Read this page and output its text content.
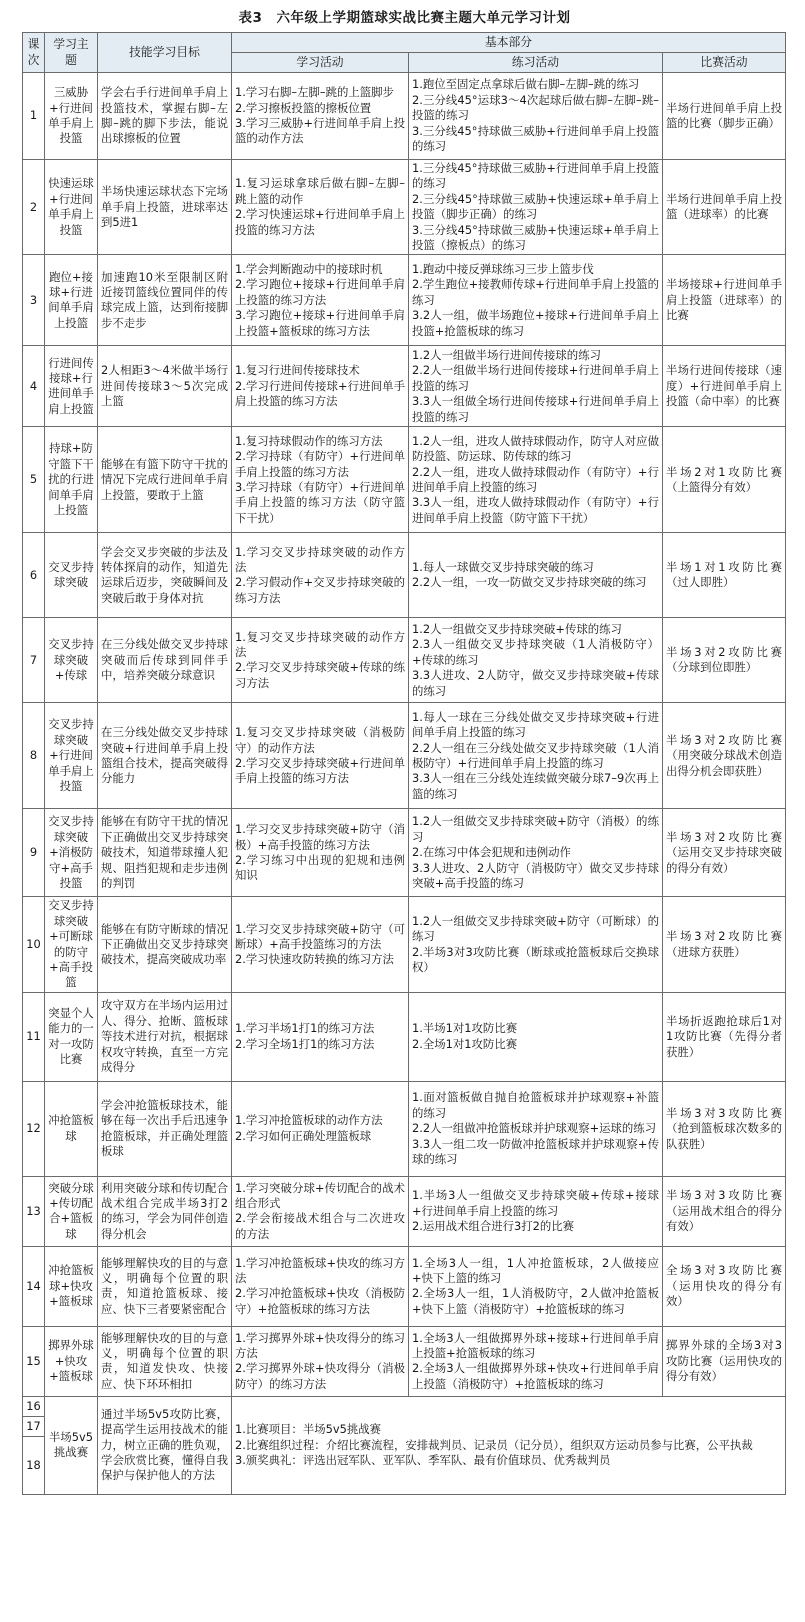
表3　六年级上学期篮球实战比赛主题大单元学习计划
课次	学习主题	技能学习目标	基本部分		
			学习活动	练习活动	比赛活动
1	三威胁+行进间单手肩上投篮	学会右手行进间单手肩上投篮技术，掌握右脚–左脚–跳的脚下步法，能说出球擦板的位置	1.学习右脚–左脚–跳的上篮脚步
2.学习擦板投篮的擦板位置
3.学习三威胁+行进间单手肩上投篮的动作方法	1.跑位至固定点拿球后做右脚–左脚–跳的练习
2.三分线45°运球3～4次起球后做右脚–左脚–跳–投篮的练习
3.三分线45°持球做三威胁+行进间单手肩上投篮的练习	半场行进间单手肩上投篮的比赛（脚步正确）
2	快速运球+行进间单手肩上投篮	半场快速运球状态下完场单手肩上投篮，进球率达到5进1	1.复习运球拿球后做右脚–左脚–跳上篮的动作
2.学习快速运球+行进间单手肩上投篮的练习方法	1.三分线45°持球做三威胁+行进间单手肩上投篮的练习
2.三分线45°持球做三威胁+快速运球+单手肩上投篮（脚步正确）的练习
3.三分线45°持球做三威胁+快速运球+单手肩上投篮（擦板点）的练习	半场行进间单手肩上投篮（进球率）的比赛
3	跑位+接球+行进间单手肩上投篮	加速跑10米至限制区附近接罚篮线位置同伴的传球完成上篮，达到衔接脚步不走步	1.学会判断跑动中的接球时机
2.学习跑位+接球+行进间单手肩上投篮的练习方法
3.学习跑位+接球+行进间单手肩上投篮+篮板球的练习方法	1.跑动中接反弹球练习三步上篮步伐
2.学生跑位+接教师传球+行进间单手肩上投篮的练习
3.2人一组，做半场跑位+接球+行进间单手肩上投篮+抢篮板球的练习	半场接球+行进间单手肩上投篮（进球率）的比赛
4	行进间传接球+行进间单手肩上投篮	2人相距3～4米做半场行进间传接球3～5次完成上篮	1.复习行进间传接球技术
2.学习行进间传接球+行进间单手肩上投篮的练习方法	1.2人一组做半场行进间传接球的练习
2.2人一组做半场行进间传接球+行进间单手肩上投篮的练习
3.3人一组做全场行进间传接球+行进间单手肩上投篮的练习	半场行进间传接球（速度）+行进间单手肩上投篮（命中率）的比赛
5	持球+防守篮下干扰的行进间单手肩上投篮	能够在有篮下防守干扰的情况下完成行进间单手肩上投篮，要敢于上篮	1.复习持球假动作的练习方法
2.学习持球（有防守）+行进间单手肩上投篮的练习方法
3.学习持球（有防守）+行进间单手肩上投篮的练习方法（防守篮下干扰）	1.2人一组，进攻人做持球假动作，防守人对应做防投篮、防运球、防传球的练习
2.2人一组，进攻人做持球假动作（有防守）+行进间单手肩上投篮的练习
3.3人一组，进攻人做持球假动作（有防守）+行进间单手肩上投篮（防守篮下干扰）	半场2对1攻防比赛（上篮得分有效）
6	交叉步持球突破	学会交叉步突破的步法及转体探肩的动作，知道先运球后迈步，突破瞬间及突破后敢于身体对抗	1.学习交叉步持球突破的动作方法
2.学习假动作+交叉步持球突破的练习方法	1.每人一球做交叉步持球突破的练习
2.2人一组，一攻一防做交叉步持球突破的练习	半场1对1攻防比赛（过人即胜）
7	交叉步持球突破+传球	在三分线处做交叉步持球突破而后传球到同伴手中，培养突破分球意识	1.复习交叉步持球突破的动作方法
2.学习交叉步持球突破+传球的练习方法	1.2人一组做交叉步持球突破+传球的练习
2.3人一组做交叉步持球突破（1人消极防守）+传球的练习
3.3人进攻、2人防守，做交叉步持球突破+传球的练习	半场3对2攻防比赛（分球到位即胜）
8	交叉步持球突破+行进间单手肩上投篮	在三分线处做交叉步持球突破+行进间单手肩上投篮组合技术，提高突破得分能力	1.复习交叉步持球突破（消极防守）的动作方法
2.学习交叉步持球突破+行进间单手肩上投篮的练习方法	1.每人一球在三分线处做交叉步持球突破+行进间单手肩上投篮的练习
2.2人一组在三分线处做交叉步持球突破（1人消极防守）+行进间单手肩上投篮的练习
3.3人一组在三分线处连续做突破分球7–9次再上篮的练习	半场3对2攻防比赛（用突破分球战术创造出得分机会即获胜）
9	交叉步持球突破+消极防守+高手投篮	能够在有防守干扰的情况下正确做出交叉步持球突破技术，知道带球撞人犯规、阻挡犯规和走步违例的判罚	1.学习交叉步持球突破+防守（消极）+高手投篮的练习方法
2.学习练习中出现的犯规和违例知识	1.2人一组做交叉步持球突破+防守（消极）的练习
2.在练习中体会犯规和违例动作
3.3人进攻、2人防守（消极防守）做交叉步持球突破+高手投篮的练习	半场3对2攻防比赛（运用交叉步持球突破的得分有效）
10	交叉步持球突破+可断球的防守+高手投篮	能够在有防守断球的情况下正确做出交叉步持球突破技术，提高突破成功率	1.学习交叉步持球突破+防守（可断球）+高手投篮练习的方法
2.学习快速攻防转换的练习方法	1.2人一组做交叉步持球突破+防守（可断球）的练习
2.半场3对3攻防比赛（断球或抢篮板球后交换球权）	半场3对2攻防比赛（进球方获胜）
11	突显个人能力的一对一攻防比赛	攻守双方在半场内运用过人、得分、抢断、篮板球等技术进行对抗，根据球权攻守转换，直至一方完成得分	1.学习半场1打1的练习方法
2.学习全场1打1的练习方法	1.半场1对1攻防比赛
2.全场1对1攻防比赛	半场折返跑抢球后1对1攻防比赛（先得分者获胜）
12	冲抢篮板球	学会冲抢篮板球技术，能够在每一次出手后迅速争抢篮板球，并正确处理篮板球	1.学习冲抢篮板球的动作方法
2.学习如何正确处理篮板球	1.面对篮板做自抛自抢篮板球并护球观察+补篮的练习
2.2人一组做冲抢篮板球并护球观察+运球的练习
3.3人一组二攻一防做冲抢篮板球并护球观察+传球的练习	半场3对3攻防比赛（抢到篮板球次数多的队获胜）
13	突破分球+传切配合+篮板球	利用突破分球和传切配合战术组合完成半场3打2的练习，学会为同伴创造得分机会	1.学习突破分球+传切配合的战术组合形式
2.学会衔接战术组合与二次进攻的方法	1.半场3人一组做交叉步持球突破+传球+接球+行进间单手肩上投篮的练习
2.运用战术组合进行3打2的比赛	半场3对3攻防比赛（运用战术组合的得分有效）
14	冲抢篮板球+快攻+篮板球	能够理解快攻的目的与意义，明确每个位置的职责，知道抢篮板球、接应、快下三者要紧密配合	1.学习冲抢篮板球+快攻的练习方法
2.学习冲抢篮板球+快攻（消极防守）+抢篮板球的练习方法	1.全场3人一组，1人冲抢篮板球，2人做接应+快下上篮的练习
2.全场3人一组，1人消极防守，2人做冲抢篮板+快下上篮（消极防守）+抢篮板球的练习	全场3对3攻防比赛（运用快攻的得分有效）
15	掷界外球+快攻+篮板球	能够理解快攻的目的与意义，明确每个位置的职责，知道发快攻、快接应、快下环环相扣	1.学习掷界外球+快攻得分的练习方法
2.学习掷界外球+快攻得分（消极防守）的练习方法	1.全场3人一组做掷界外球+接球+行进间单手肩上投篮+抢篮板球的练习
2.全场3人一组做掷界外球+快攻+行进间单手肩上投篮（消极防守）+抢篮板球的练习	掷界外球的全场3对3攻防比赛（运用快攻的得分有效）
16	半场5v5挑战赛	通过半场5v5攻防比赛，提高学生运用技战术的能力，树立正确的胜负观，学会欣赏比赛，懂得自我保护与保护他人的方法	1.比赛项目：半场5v5挑战赛
2.比赛组织过程：介绍比赛流程，安排裁判员、记录员（记分员），组织双方运动员参与比赛，公平执裁
3.颁奖典礼：评选出冠军队、亚军队、季军队、最有价值球员、优秀裁判员		

17					
18					
